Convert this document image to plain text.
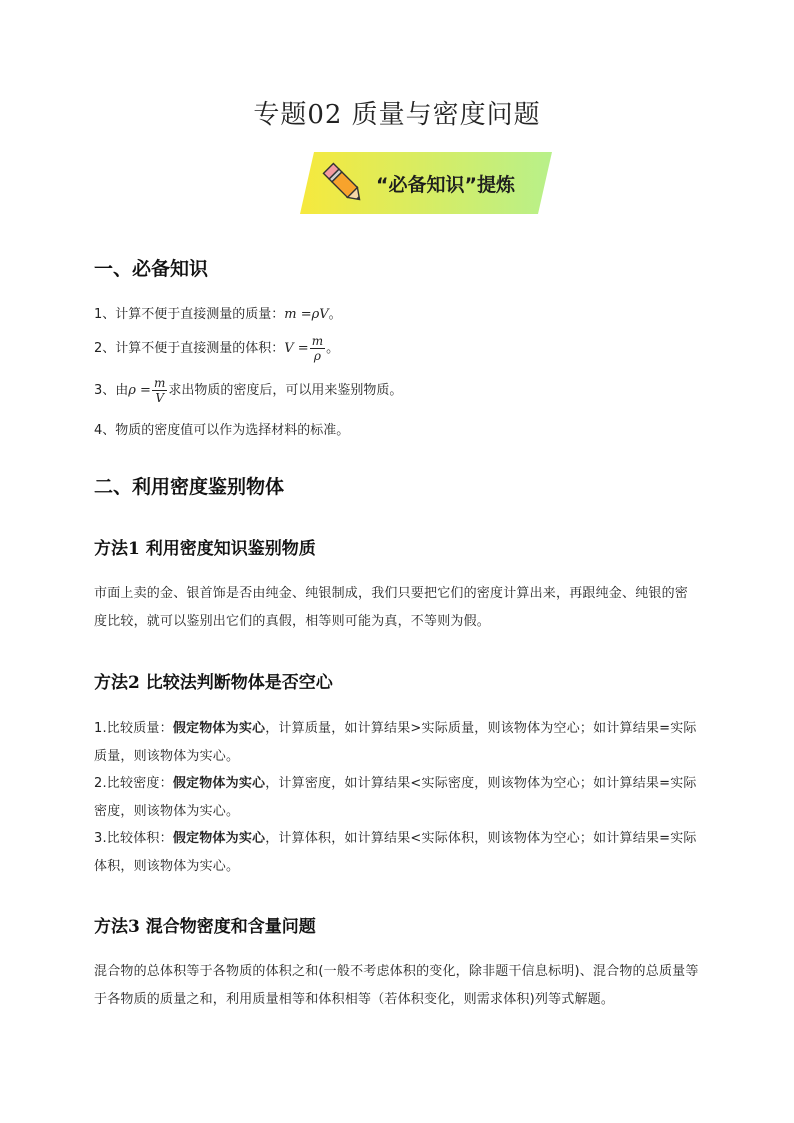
专题02 质量与密度问题
“必备知识”提炼
一、必备知识
1、计算不便于直接测量的质量：m =ρV。
2、计算不便于直接测量的体积：$V = \frac{m}{\rho}$ 。
3、由$\rho = \frac{m}{V}$ 求出物质的密度后，可以用来鉴别物质。
4、物质的密度值可以作为选择材料的标准。
二、利用密度鉴别物体
方法1 利用密度知识鉴别物质
市面上卖的金、银首饰是否由纯金、纯银制成，我们只要把它们的密度计算出来，再跟纯金、纯银的密度比较，就可以鉴别出它们的真假，相等则可能为真，不等则为假。
方法2 比较法判断物体是否空心
1.比较质量：假定物体为实心，计算质量，如计算结果>实际质量，则该物体为空心；如计算结果=实际质量，则该物体为实心。
2.比较密度：假定物体为实心，计算密度，如计算结果<实际密度，则该物体为空心；如计算结果=实际密度，则该物体为实心。
3.比较体积：假定物体为实心，计算体积，如计算结果<实际体积，则该物体为空心；如计算结果=实际体积，则该物体为实心。
方法3 混合物密度和含量问题
混合物的总体积等于各物质的体积之和(一般不考虑体积的变化，除非题干信息标明)、混合物的总质量等于各物质的质量之和，利用质量相等和体积相等（若体积变化，则需求体积)列等式解题。
